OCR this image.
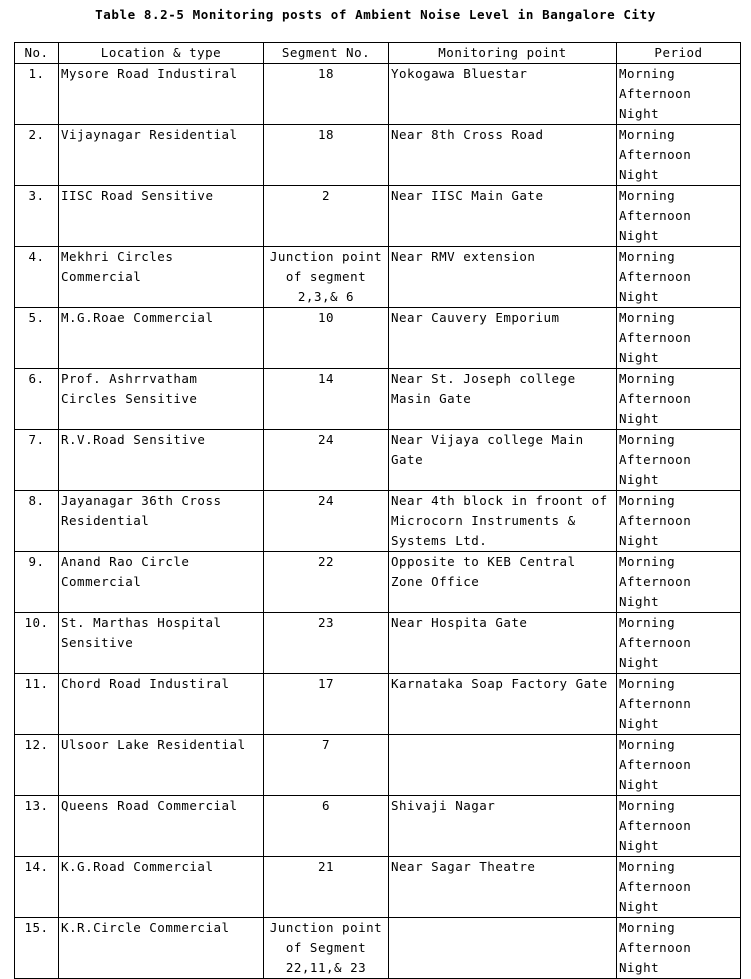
Table 8.2-5 Monitoring posts of Ambient Noise Level in Bangalore City
No.	Location & type	Segment No.	Monitoring point	Period
1.	Mysore Road Industiral	18	Yokogawa Bluestar	Morning
Afternoon
Night

2.	Vijaynagar Residential	18	Near 8th Cross Road	Morning
Afternoon
Night

3.	IISC Road Sensitive	2	Near IISC Main Gate	Morning
Afternoon
Night

4.	Mekhri Circles Commercial	Junction point of segment 2,3,& 6	Near RMV extension	Morning
Afternoon
Night

5.	M.G.Roae Commercial	10	Near Cauvery Emporium	Morning
Afternoon
Night

6.	Prof. Ashrrvatham Circles Sensitive	14	Near St. Joseph college Masin Gate	Morning
Afternoon
Night

7.	R.V.Road Sensitive	24	Near Vijaya college Main Gate	Morning
Afternoon
Night

8.	Jayanagar 36th Cross Residential	24	Near 4th block in froont of Microcorn Instruments & Systems Ltd.	Morning
Afternoon
Night

9.	Anand Rao Circle Commercial	22	Opposite to KEB Central Zone Office	Morning
Afternoon
Night

10.	St. Marthas Hospital Sensitive	23	Near Hospita Gate	Morning
Afternoon
Night

11.	Chord Road Industiral	17	Karnataka Soap Factory Gate	Morning
Afternonn
Night

12.	Ulsoor Lake Residential	7		Morning
Afternoon
Night

13.	Queens Road Commercial	6	Shivaji Nagar	Morning
Afternoon
Night

14.	K.G.Road Commercial	21	Near Sagar Theatre	Morning
Afternoon
Night

15.	K.R.Circle Commercial	Junction point of Segment 22,11,& 23		Morning
Afternoon
Night
